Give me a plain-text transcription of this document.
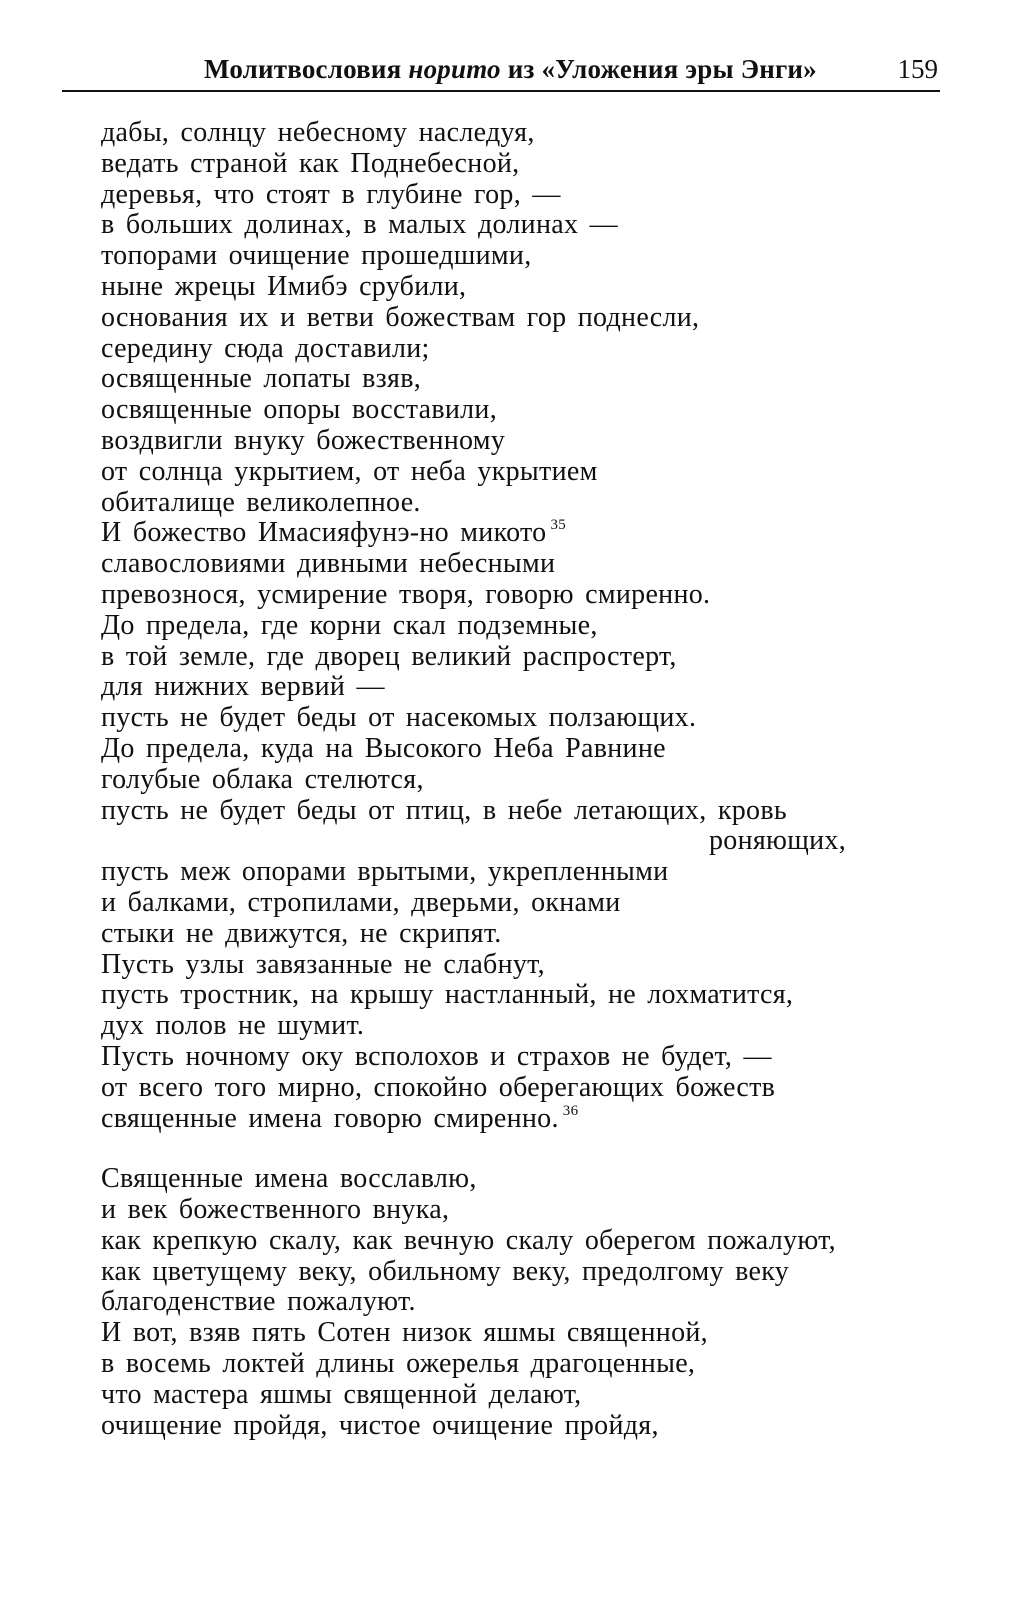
Молитвословия норито из «Уложения эры Энги»	159
дабы, солнцу небесному наследуя,
ведать страной как Поднебесной,
деревья, что стоят в глубине гор, —
в больших долинах, в малых долинах —
топорами очищение прошедшими,
ныне жрецы Имибэ срубили,
основания их и ветви божествам гор поднесли,
середину сюда доставили;
освященные лопаты взяв,
освященные опоры восставили,
воздвигли внуку божественному
от солнца укрытием, от неба укрытием
обиталище великолепное.
И божество Имасияфунэ-но микото $^{35}$
славословиями дивными небесными
превознося, усмирение творя, говорю смиренно.
До предела, где корни скал подземные,
в той земле, где дворец великий распростерт,
для нижних вервий —
пусть не будет беды от насекомых ползающих.
До предела, куда на Высокого Неба Равнине
голубые облака стелются,
пусть не будет беды от птиц, в небе летающих, кровь
роняющих,
пусть меж опорами врытыми, укрепленными
и балками, стропилами, дверьми, окнами
стыки не движутся, не скрипят.
Пусть узлы завязанные не слабнут,
пусть тростник, на крышу настланный, не лохматится,
дух полов не шумит.
Пусть ночному оку всполохов и страхов не будет, —
от всего того мирно, спокойно оберегающих божеств
священные имена говорю смиренно. $^{36}$
Священные имена восславлю,
и век божественного внука,
как крепкую скалу, как вечную скалу оберегом пожалуют,
как цветущему веку, обильному веку, предолгому веку
благоденствие пожалуют.
И вот, взяв пять Сотен низок яшмы священной,
в восемь локтей длины ожерелья драгоценные,
что мастера яшмы священной делают,
очищение пройдя, чистое очищение пройдя,
